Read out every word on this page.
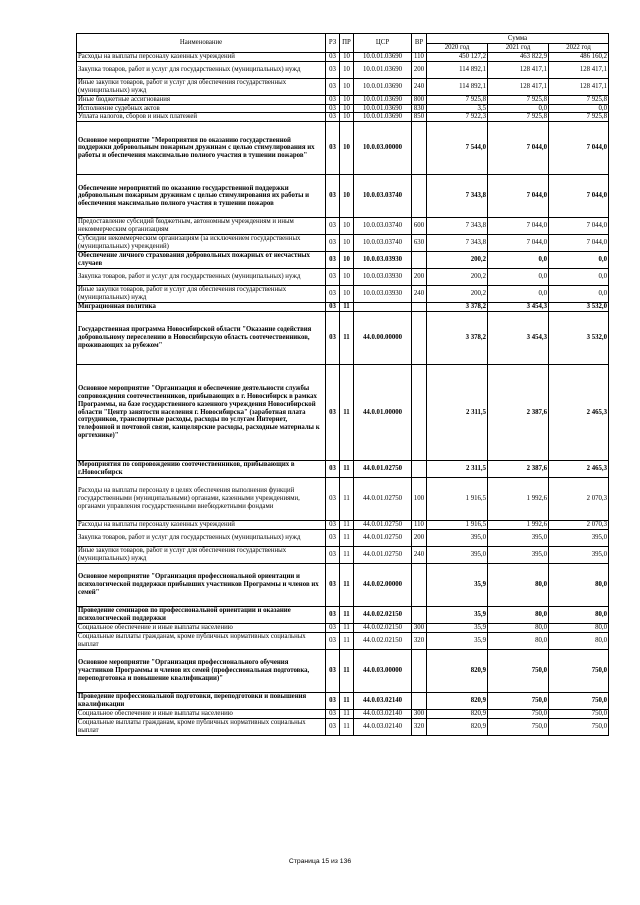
Наименование	РЗ	ПР	ЦСР	ВР	Сумма		
					2020 год	2021 год	2022 год
Расходы на выплаты персоналу казенных учреждений	03	10	10.0.01.03690	110	450 127,2	463 822,9	486 160,2
Закупка товаров, работ и услуг для государственных (муниципальных) нужд	03	10	10.0.01.03690	200	114 892,1	128 417,1	128 417,1
Иные закупки товаров, работ и услуг для обеспечения государственных (муниципальных) нужд	03	10	10.0.01.03690	240	114 892,1	128 417,1	128 417,1
Иные бюджетные ассигнования	03	10	10.0.01.03690	800	7 925,8	7 925,8	7 925,8
Исполнение судебных актов	03	10	10.0.01.03690	830	3,5	0,0	0,0
Уплата налогов, сборов и иных платежей	03	10	10.0.01.03690	850	7 922,3	7 925,8	7 925,8
Основное мероприятие "Мероприятия по оказанию государственной поддержки добровольным пожарным дружинам с целью стимулирования их работы и обеспечения максимально полного участия в тушении пожаров"	03	10	10.0.03.00000		7 544,0	7 044,0	7 044,0
Обеспечение мероприятий по оказанию государственной поддержки добровольным пожарным дружинам с целью стимулирования их работы и обеспечения максимально полного участия в тушении пожаров	03	10	10.0.03.03740		7 343,8	7 044,0	7 044,0
Предоставление субсидий бюджетным, автономным учреждениям и иным некоммерческим организациям	03	10	10.0.03.03740	600	7 343,8	7 044,0	7 044,0
Субсидии некоммерческим организациям (за исключением государственных (муниципальных) учреждений)	03	10	10.0.03.03740	630	7 343,8	7 044,0	7 044,0
Обеспечение личного страхования добровольных пожарных от несчастных случаев	03	10	10.0.03.03930		200,2	0,0	0,0
Закупка товаров, работ и услуг для государственных (муниципальных) нужд	03	10	10.0.03.03930	200	200,2	0,0	0,0
Иные закупки товаров, работ и услуг для обеспечения государственных (муниципальных) нужд	03	10	10.0.03.03930	240	200,2	0,0	0,0
Миграционная политика	03	11			3 378,2	3 454,3	3 532,0
Государственная программа Новосибирской области "Оказание содействия добровольному переселению в Новосибирскую область соотечественников, проживающих за рубежом"	03	11	44.0.00.00000		3 378,2	3 454,3	3 532,0
Основное мероприятие "Организация и обеспечение деятельности службы сопровождения соотечественников, прибывающих в г. Новосибирск в рамках Программы, на базе государственного казенного учреждения Новосибирской области "Центр занятости населения г. Новосибирска" (заработная плата сотрудников, транспортные расходы, расходы по услугам Интернет, телефонной и почтовой связи, канцелярские расходы, расходные материалы к оргтехнике)"	03	11	44.0.01.00000		2 311,5	2 387,6	2 465,3
Мероприятия по сопровождению соотечественников, прибывающих в г.Новосибирск	03	11	44.0.01.02750		2 311,5	2 387,6	2 465,3
Расходы на выплаты персоналу в целях обеспечения выполнения функций государственными (муниципальными) органами, казенными учреждениями, органами управления государственными внебюджетными фондами	03	11	44.0.01.02750	100	1 916,5	1 992,6	2 070,3
Расходы на выплаты персоналу казенных учреждений	03	11	44.0.01.02750	110	1 916,5	1 992,6	2 070,3
Закупка товаров, работ и услуг для государственных (муниципальных) нужд	03	11	44.0.01.02750	200	395,0	395,0	395,0
Иные закупки товаров, работ и услуг для обеспечения государственных (муниципальных) нужд	03	11	44.0.01.02750	240	395,0	395,0	395,0
Основное мероприятие "Организация профессиональной ориентации и психологической поддержки прибывших участников Программы и членов их семей"	03	11	44.0.02.00000		35,9	80,0	80,0
Проведение семинаров по профессиональной ориентации и оказание психологической поддержки	03	11	44.0.02.02150		35,9	80,0	80,0
Социальное обеспечение и иные выплаты населению	03	11	44.0.02.02150	300	35,9	80,0	80,0
Социальные выплаты гражданам, кроме публичных нормативных социальных выплат	03	11	44.0.02.02150	320	35,9	80,0	80,0
Основное мероприятие "Организация профессионального обучения участников Программы и членов их семей (профессиональная подготовка, переподготовка и повышение квалификации)"	03	11	44.0.03.00000		820,9	750,0	750,0
Проведение профессиональной подготовки, переподготовки и повышения квалификации	03	11	44.0.03.02140		820,9	750,0	750,0
Социальное обеспечение и иные выплаты населению	03	11	44.0.03.02140	300	820,9	750,0	750,0
Социальные выплаты гражданам, кроме публичных нормативных социальных выплат	03	11	44.0.03.02140	320	820,9	750,0	750,0
Страница 15 из 136
